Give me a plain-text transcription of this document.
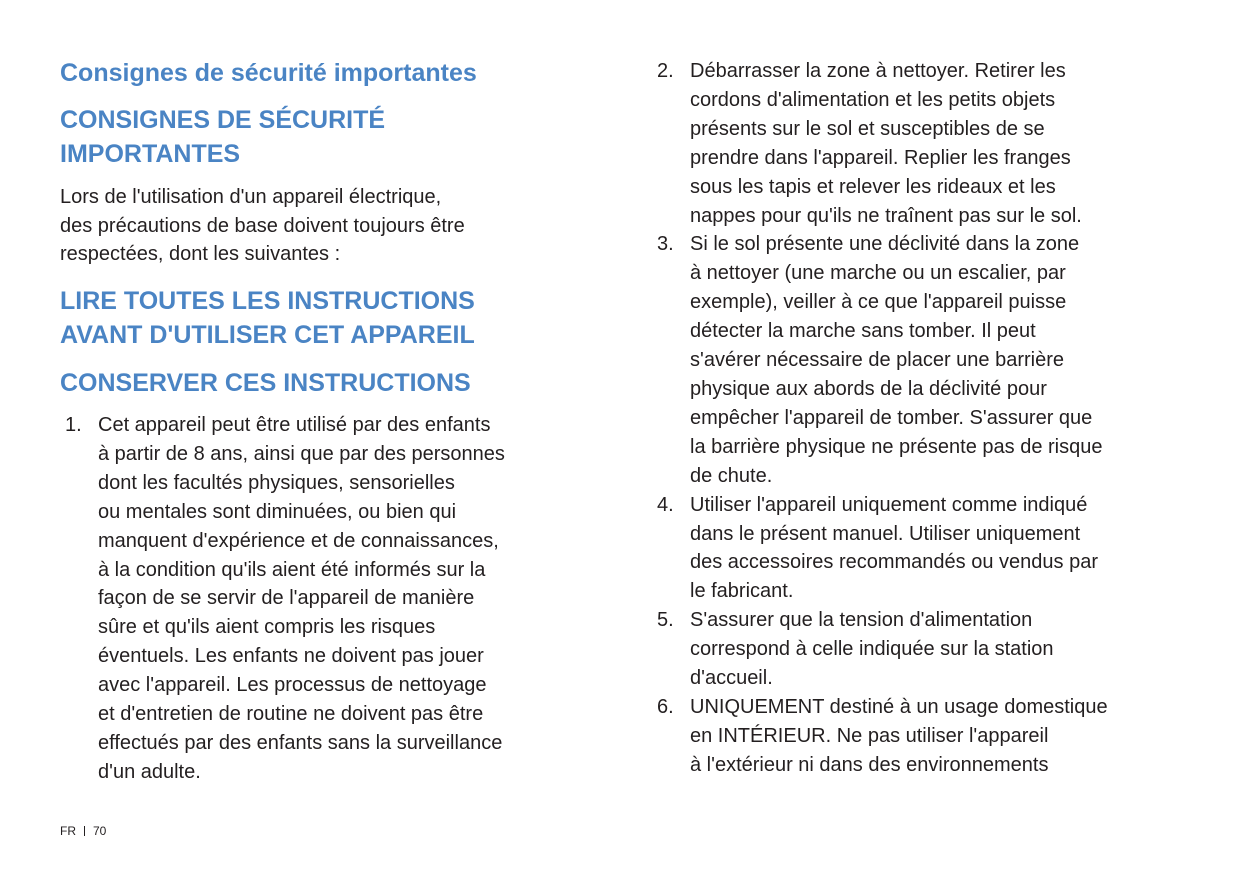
Consignes de sécurité importantes
CONSIGNES DE SÉCURITÉ
IMPORTANTES

Lors de l'utilisation d'un appareil électrique,
des précautions de base doivent toujours être
respectées, dont les suivantes :

LIRE TOUTES LES INSTRUCTIONS
AVANT D'UTILISER CET APPAREIL
CONSERVER CES INSTRUCTIONS
1. Cet appareil peut être utilisé par des enfants
à partir de 8 ans, ainsi que par des personnes
dont les facultés physiques, sensorielles
ou mentales sont diminuées, ou bien qui
manquent d'expérience et de connaissances,
à la condition qu'ils aient été informés sur la
façon de se servir de l'appareil de manière
sûre et qu'ils aient compris les risques
éventuels. Les enfants ne doivent pas jouer
avec l'appareil. Les processus de nettoyage
et d'entretien de routine ne doivent pas être
effectués par des enfants sans la surveillance
d'un adulte.
2. Débarrasser la zone à nettoyer. Retirer les
cordons d'alimentation et les petits objets
présents sur le sol et susceptibles de se
prendre dans l'appareil. Replier les franges
sous les tapis et relever les rideaux et les
nappes pour qu'ils ne traînent pas sur le sol.
3. Si le sol présente une déclivité dans la zone
à nettoyer (une marche ou un escalier, par
exemple), veiller à ce que l'appareil puisse
détecter la marche sans tomber. Il peut
s'avérer nécessaire de placer une barrière
physique aux abords de la déclivité pour
empêcher l'appareil de tomber. S'assurer que
la barrière physique ne présente pas de risque
de chute.
4. Utiliser l'appareil uniquement comme indiqué
dans le présent manuel. Utiliser uniquement
des accessoires recommandés ou vendus par
le fabricant.
5. S'assurer que la tension d'alimentation
correspond à celle indiquée sur la station
d'accueil.
6. UNIQUEMENT destiné à un usage domestique
en INTÉRIEUR. Ne pas utiliser l'appareil
à l'extérieur ni dans des environnements
FR 70
